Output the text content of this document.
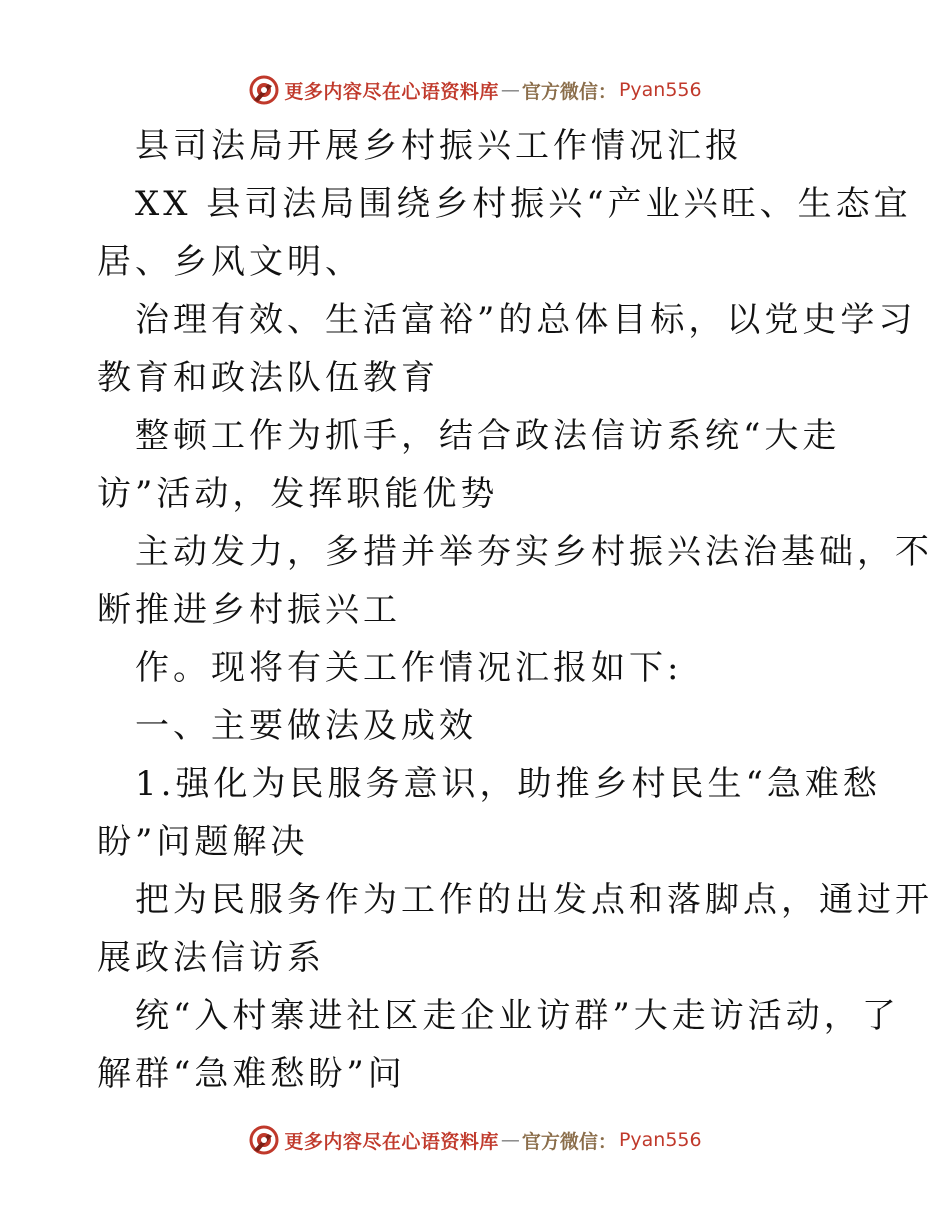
更多内容尽在心语资料库 — 官方微信： Pyan556
县司法局开展乡村振兴工作情况汇报
XX 县司法局围绕乡村振兴“产业兴旺、生态宜
居、乡风文明、
治理有效、生活富裕”的总体目标，以党史学习
教育和政法队伍教育
整顿工作为抓手，结合政法信访系统“大走
访”活动，发挥职能优势
主动发力，多措并举夯实乡村振兴法治基础，不
断推进乡村振兴工
作。现将有关工作情况汇报如下:
一、主要做法及成效
1.强化为民服务意识，助推乡村民生“急难愁
盼”问题解决
把为民服务作为工作的出发点和落脚点，通过开
展政法信访系
统“入村寨进社区走企业访群”大走访活动，了
解群“急难愁盼”问
更多内容尽在心语资料库 — 官方微信： Pyan556
